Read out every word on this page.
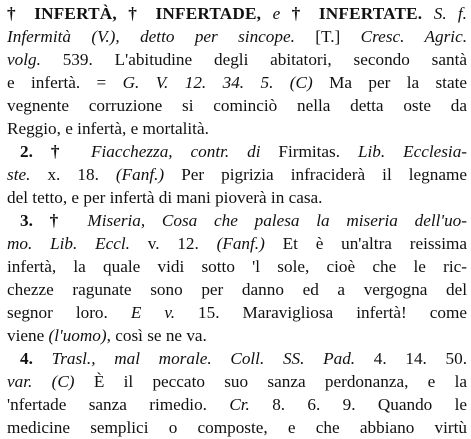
† INFERTÀ, † INFERTADE, e † INFERTATE. S. f.
Infermità (V.), detto per sincope. [T.] Cresc. Agric.
volg. 539. L'abitudine degli abitatori, secondo santà
e infertà. = G. V. 12. 34. 5. (C) Ma per la state
vegnente corruzione si cominciò nella detta oste da
Reggio, e infertà, e mortalità.
2. † Fiacchezza, contr. di Firmitas. Lib. Ecclesia-
ste. x. 18. (Fanf.) Per pigrizia infraciderà il legname
del tetto, e per infertà di mani pioverà in casa.
3. † Miseria, Cosa che palesa la miseria dell'uo-
mo. Lib. Eccl. v. 12. (Fanf.) Et è un'altra reissima
infertà, la quale vidi sotto 'l sole, cioè che le ric-
chezze ragunate sono per danno ed a vergogna del
segnor loro. E v. 15. Maravigliosa infertà! come
viene (l'uomo), così se ne va.
4. Trasl., mal morale. Coll. SS. Pad. 4. 14. 50.
var. (C) È il peccato suo sanza perdonanza, e la
'nfertade sanza rimedio. Cr. 8. 6. 9. Quando le
medicine semplici o composte, e che abbiano virtù
